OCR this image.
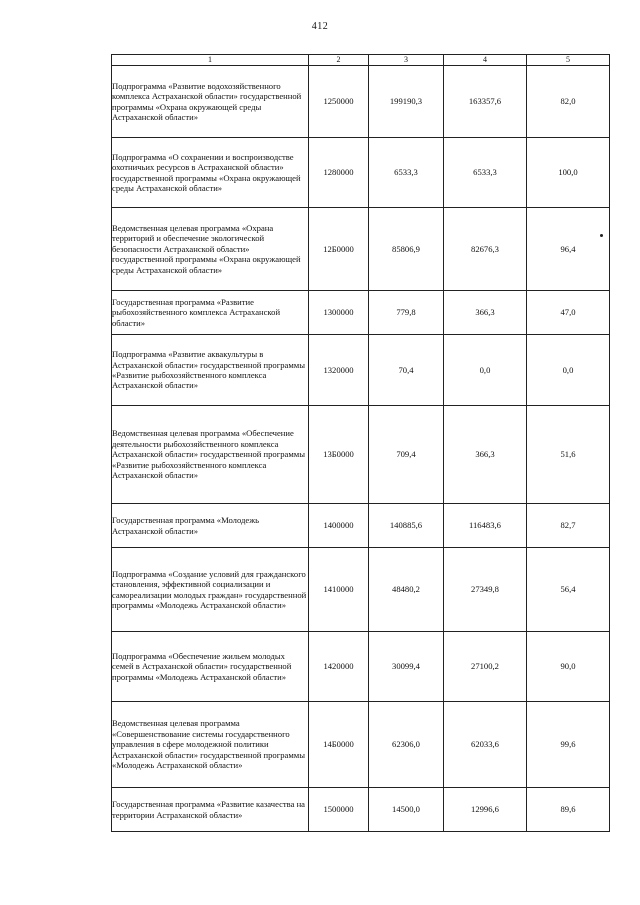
412
1	2	3	4	5
Подпрограмма «Развитие водохозяйственного комплекса Астраханской области» государственной программы «Охрана окружающей среды Астраханской области»	1250000	199190,3	163357,6	82,0
Подпрограмма «О сохранении и воспроизводстве охотничьих ресурсов в Астраханской области» государственной программы «Охрана окружающей среды Астраханской области»	1280000	6533,3	6533,3	100,0
Ведомственная целевая программа «Охрана территорий и обеспечение экологической безопасности Астраханской области» государственной программы «Охрана окружающей среды Астраханской области»	12Б0000	85806,9	82676,3	96,4
Государственная программа «Развитие рыбохозяйственного комплекса Астраханской области»	1300000	779,8	366,3	47,0
Подпрограмма «Развитие аквакультуры в Астраханской области» государственной программы «Развитие рыбохозяйственного комплекса Астраханской области»	1320000	70,4	0,0	0,0
Ведомственная целевая программа «Обеспечение деятельности рыбохозяйственного комплекса Астраханской области» государственной программы «Развитие рыбохозяйственного комплекса Астраханской области»	13Б0000	709,4	366,3	51,6
Государственная программа «Молодежь Астраханской области»	1400000	140885,6	116483,6	82,7
Подпрограмма «Создание условий для гражданского становления, эффективной социализации и самореализации молодых граждан» государственной программы «Молодежь Астраханской области»	1410000	48480,2	27349,8	56,4
Подпрограмма «Обеспечение жильем молодых семей в Астраханской области» государственной программы «Молодежь Астраханской области»	1420000	30099,4	27100,2	90,0
Ведомственная целевая программа «Совершенствование системы государственного управления в сфере молодежной политики Астраханской области» государственной программы «Молодежь Астраханской области»	14Б0000	62306,0	62033,6	99,6
Государственная программа «Развитие казачества на территории Астраханской области»	1500000	14500,0	12996,6	89,6
